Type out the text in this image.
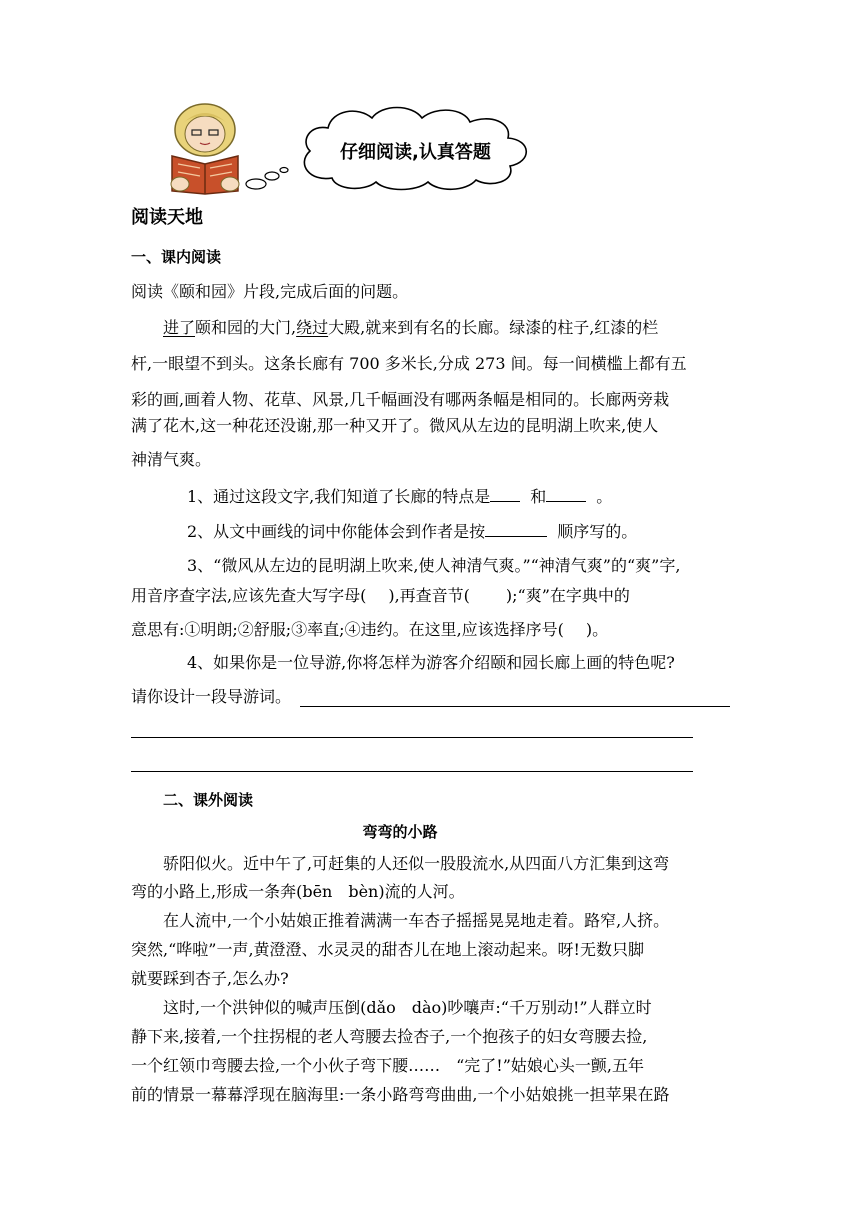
仔细阅读,认真答题
阅读天地
一、课内阅读
阅读《颐和园》片段,完成后面的问题。
进了颐和园的大门,绕过大殿,就来到有名的长廊。绿漆的柱子,红漆的栏
杆,一眼望不到头。这条长廊有 700 多米长,分成 273 间。每一间横槛上都有五
彩的画,画着人物、花草、风景,几千幅画没有哪两条幅是相同的。长廊两旁栽
满了花木,这一种花还没谢,那一种又开了。微风从左边的昆明湖上吹来,使人
神清气爽。
1、通过这段文字,我们知道了长廊的特点是	和	。
2、从文中画线的词中你能体会到作者是按	顺序写的。
3、“微风从左边的昆明湖上吹来,使人神清气爽。”“神清气爽”的“爽”字,
用音序查字法,应该先查大写字母( ),再查音节( );“爽”在字典中的
意思有:①明朗;②舒服;③率直;④违约。在这里,应该选择序号( )。
4、如果你是一位导游,你将怎样为游客介绍颐和园长廊上画的特色呢?
请你设计一段导游词。
二、课外阅读
弯弯的小路
骄阳似火。近中午了,可赶集的人还似一股股流水,从四面八方汇集到这弯
弯的小路上,形成一条奔(bēn　bèn)流的人河。
在人流中,一个小姑娘正推着满满一车杏子摇摇晃晃地走着。路窄,人挤。
突然,“哗啦”一声,黄澄澄、水灵灵的甜杏儿在地上滚动起来。呀!无数只脚
就要踩到杏子,怎么办?
这时,一个洪钟似的喊声压倒(dǎo　dào)吵嚷声:“千万别动!”人群立时
静下来,接着,一个拄拐棍的老人弯腰去捡杏子,一个抱孩子的妇女弯腰去捡,
一个红领巾弯腰去捡,一个小伙子弯下腰……　“完了!”姑娘心头一颤,五年
前的情景一幕幕浮现在脑海里:一条小路弯弯曲曲,一个小姑娘挑一担苹果在路
